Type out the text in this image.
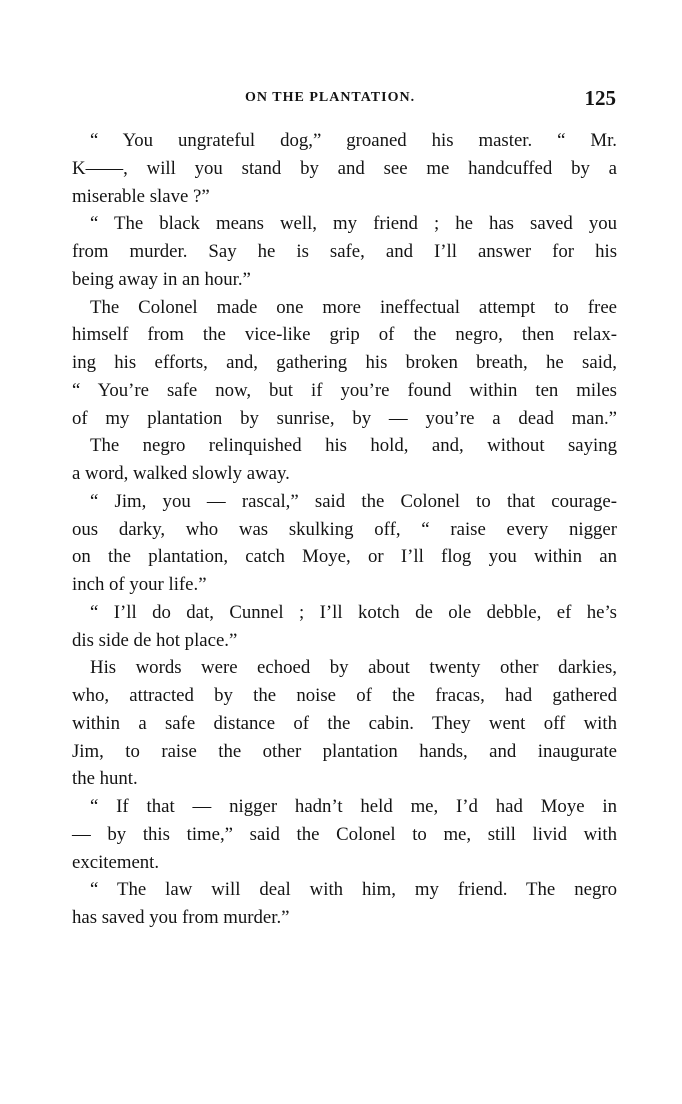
ON THE PLANTATION.	125
“ You ungrateful dog,” groaned his master. “ Mr.
K——, will you stand by and see me handcuffed by a
miserable slave ?”
“ The black means well, my friend ; he has saved you
from murder. Say he is safe, and I’ll answer for his
being away in an hour.”
The Colonel made one more ineffectual attempt to free
himself from the vice-like grip of the negro, then relax-
ing his efforts, and, gathering his broken breath, he said,
“ You’re safe now, but if you’re found within ten miles
of my plantation by sunrise, by — you’re a dead man.”
The negro relinquished his hold, and, without saying
a word, walked slowly away.
“ Jim, you — rascal,” said the Colonel to that courage-
ous darky, who was skulking off, “ raise every nigger
on the plantation, catch Moye, or I’ll flog you within an
inch of your life.”
“ I’ll do dat, Cunnel ; I’ll kotch de ole debble, ef he’s
dis side de hot place.”
His words were echoed by about twenty other darkies,
who, attracted by the noise of the fracas, had gathered
within a safe distance of the cabin. They went off with
Jim, to raise the other plantation hands, and inaugurate
the hunt.
“ If that — nigger hadn’t held me, I’d had Moye in
— by this time,” said the Colonel to me, still livid with
excitement.
“ The law will deal with him, my friend. The negro
has saved you from murder.”
